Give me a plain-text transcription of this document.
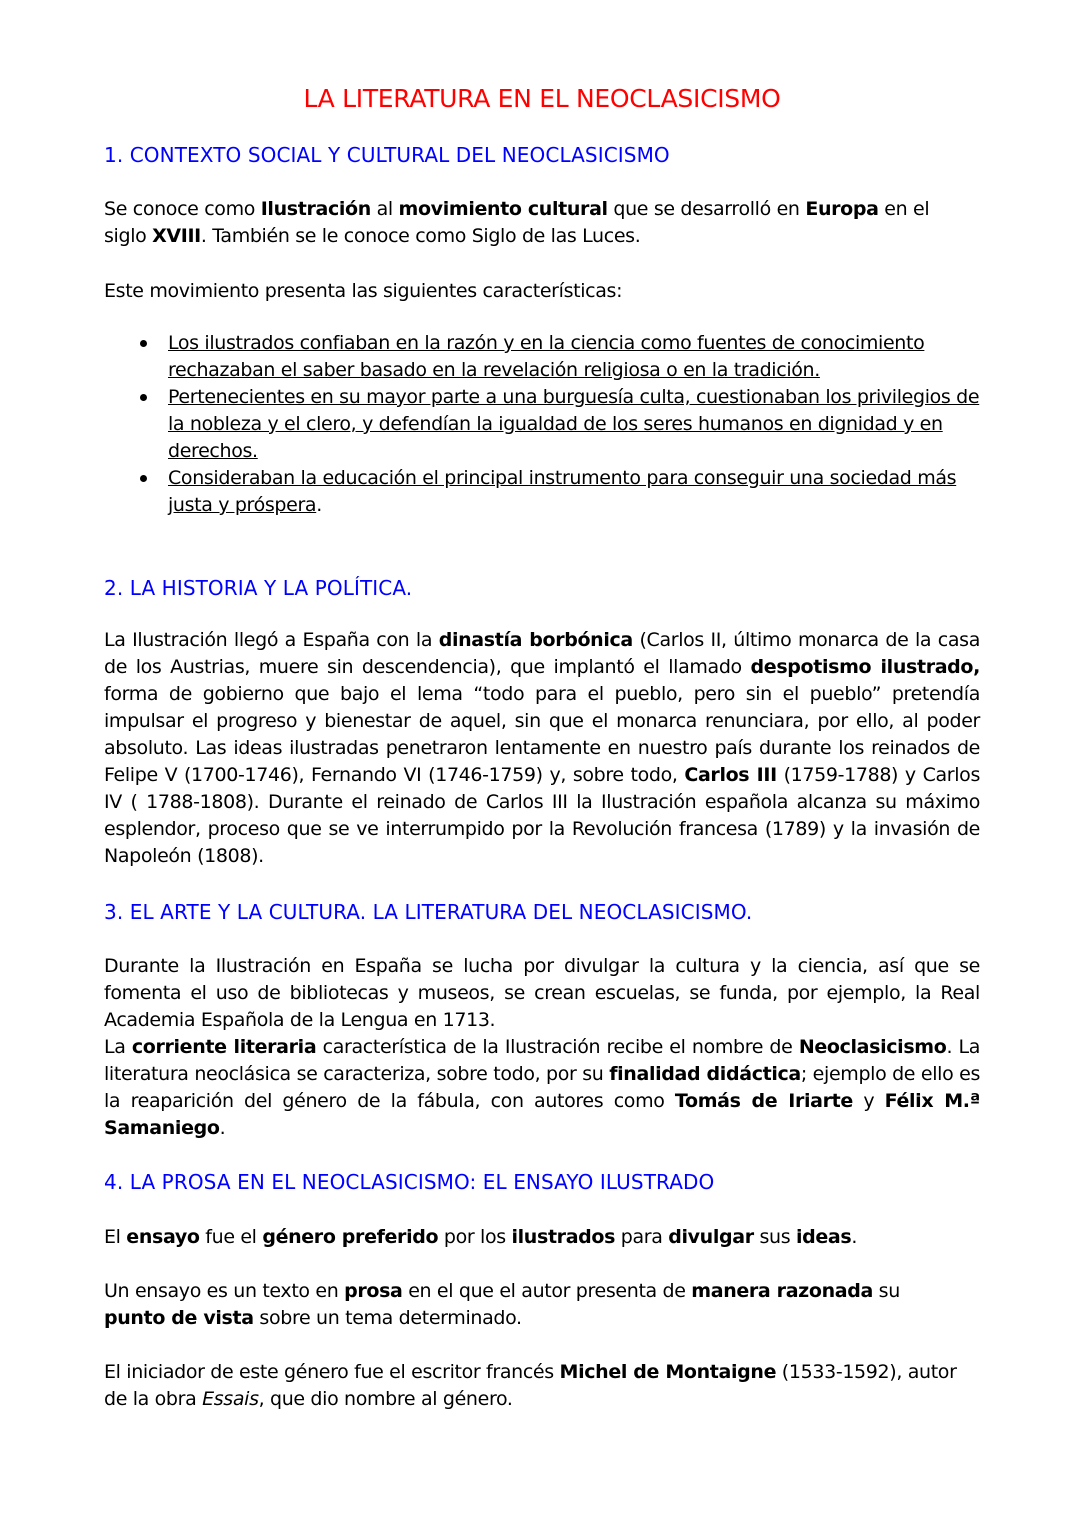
LA LITERATURA EN EL NEOCLASICISMO
1. CONTEXTO SOCIAL Y CULTURAL DEL NEOCLASICISMO

Se conoce como Ilustración al movimiento cultural que se desarrolló en Europa en el siglo XVIII. También se le conoce como Siglo de las Luces.

Este movimiento presenta las siguientes características:

Los ilustrados confiaban en la razón y en la ciencia como fuentes de conocimiento rechazaban el saber basado en la revelación religiosa o en la tradición.
Pertenecientes en su mayor parte a una burguesía culta, cuestionaban los privilegios de la nobleza y el clero, y defendían la igualdad de los seres humanos en dignidad y en derechos.
Consideraban la educación el principal instrumento para conseguir una sociedad más justa y próspera.
2. LA HISTORIA Y LA POLÍTICA.

La Ilustración llegó a España con la dinastía borbónica (Carlos II, último monarca de la casa de los Austrias, muere sin descendencia), que implantó el llamado despotismo ilustrado, forma de gobierno que bajo el lema “todo para el pueblo, pero sin el pueblo” pretendía impulsar el progreso y bienestar de aquel, sin que el monarca renunciara, por ello, al poder absoluto. Las ideas ilustradas penetraron lentamente en nuestro país durante los reinados de Felipe V (1700-1746), Fernando VI (1746-1759) y, sobre todo, Carlos III (1759-1788) y Carlos IV ( 1788-1808). Durante el reinado de Carlos III la Ilustración española alcanza su máximo esplendor, proceso que se ve interrumpido por la Revolución francesa (1789) y la invasión de Napoleón (1808).

3. EL ARTE Y LA CULTURA. LA LITERATURA DEL NEOCLASICISMO.

Durante la Ilustración en España se lucha por divulgar la cultura y la ciencia, así que se fomenta el uso de bibliotecas y museos, se crean escuelas, se funda, por ejemplo, la Real Academia Española de la Lengua en 1713.

La corriente literaria característica de la Ilustración recibe el nombre de Neoclasicismo. La literatura neoclásica se caracteriza, sobre todo, por su finalidad didáctica; ejemplo de ello es la reaparición del género de la fábula, con autores como Tomás de Iriarte y Félix M.ª Samaniego.

4. LA PROSA EN EL NEOCLASICISMO: EL ENSAYO ILUSTRADO

El ensayo fue el género preferido por los ilustrados para divulgar sus ideas.

Un ensayo es un texto en prosa en el que el autor presenta de manera razonada su punto de vista sobre un tema determinado.

El iniciador de este género fue el escritor francés Michel de Montaigne (1533-1592), autor de la obra Essais, que dio nombre al género.
